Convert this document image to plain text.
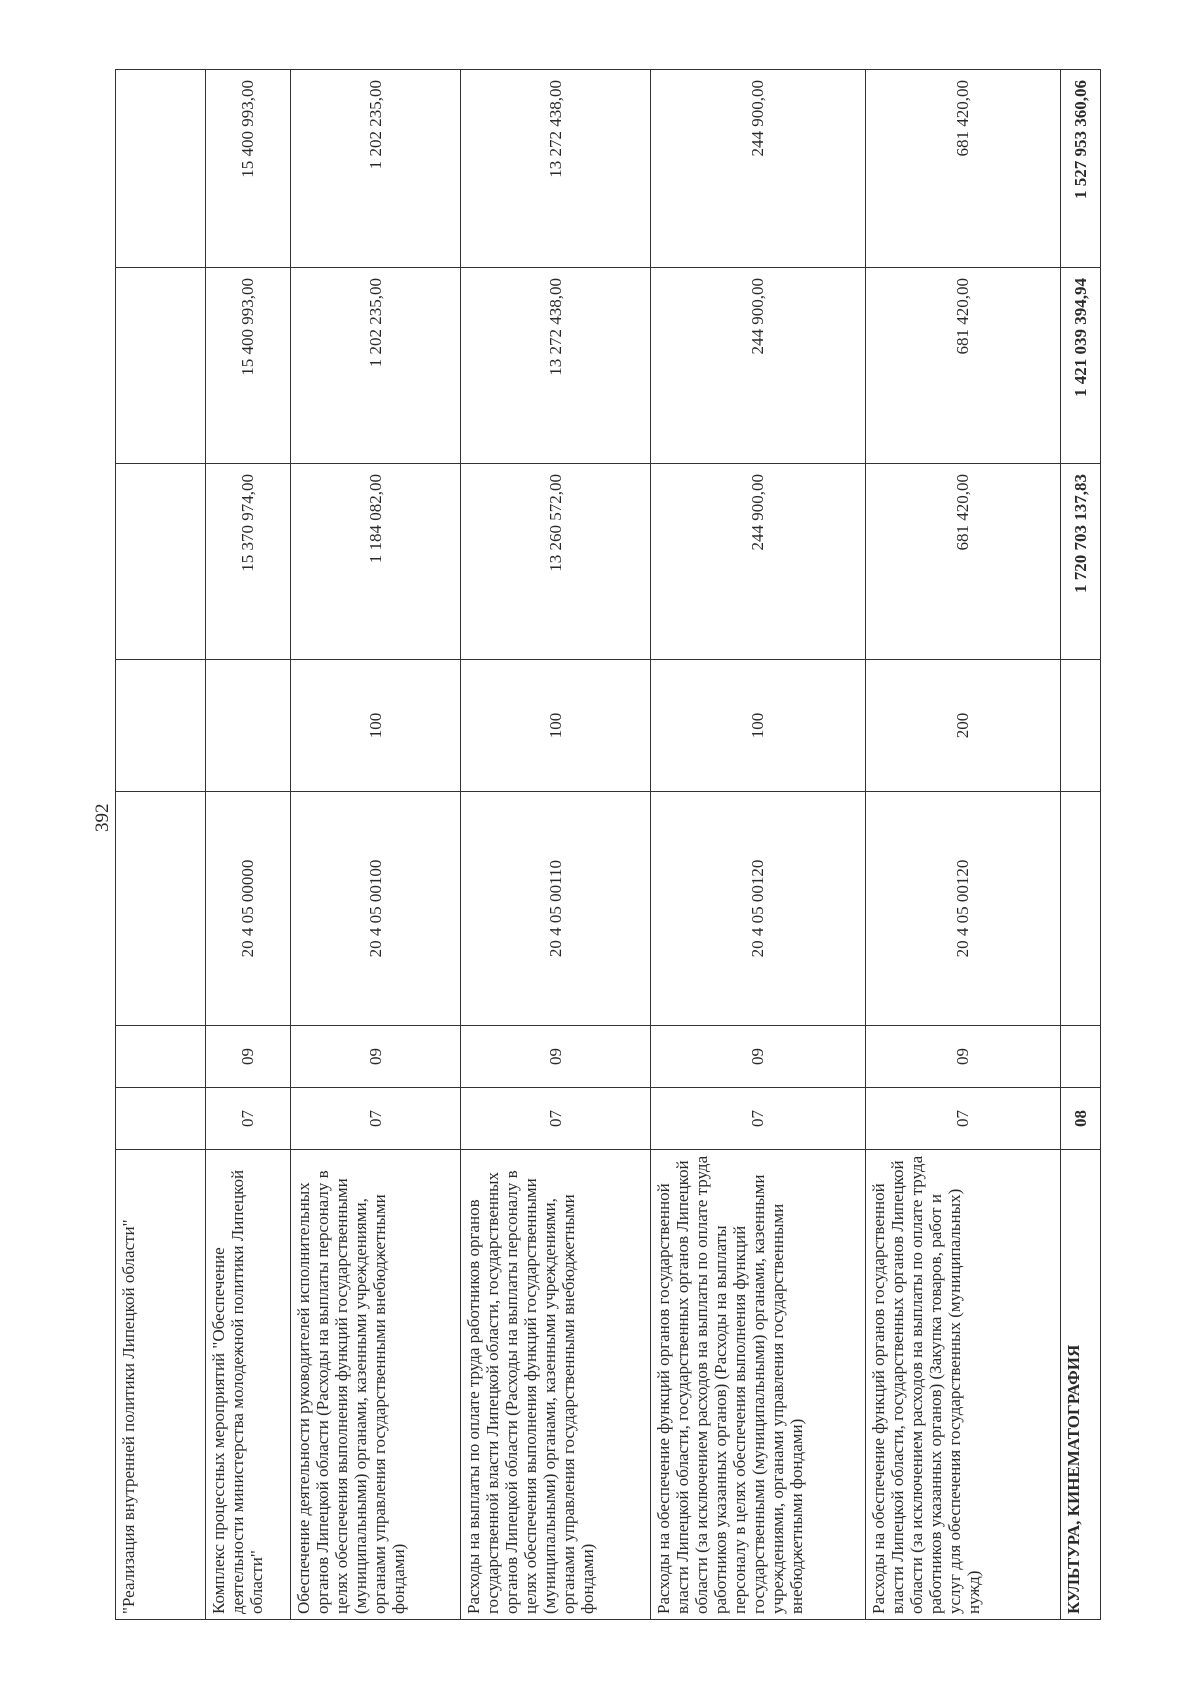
392
"Реализация внутренней политики Липецкой области"							
Комплекс процессных мероприятий "Обеспечение деятельности министерства молодежной политики Липецкой области"	07	09	20 4 05 00000		15 370 974,00	15 400 993,00	15 400 993,00
Обеспечение деятельности руководителей исполнительных органов Липецкой области (Расходы на выплаты персоналу в целях обеспечения выполнения функций государственными (муниципальными) органами, казенными учреждениями, органами управления государственными внебюджетными фондами)	07	09	20 4 05 00100	100	1 184 082,00	1 202 235,00	1 202 235,00
Расходы на выплаты по оплате труда работников органов государственной власти Липецкой области, государственных органов Липецкой области (Расходы на выплаты персоналу в целях обеспечения выполнения функций государственными (муниципальными) органами, казенными учреждениями, органами управления государственными внебюджетными фондами)	07	09	20 4 05 00110	100	13 260 572,00	13 272 438,00	13 272 438,00
Расходы на обеспечение функций органов государственной власти Липецкой области, государственных органов Липецкой области (за исключением расходов на выплаты по оплате труда работников указанных органов) (Расходы на выплаты персоналу в целях обеспечения выполнения функций государственными (муниципальными) органами, казенными учреждениями, органами управления государственными внебюджетными фондами)	07	09	20 4 05 00120	100	244 900,00	244 900,00	244 900,00
Расходы на обеспечение функций органов государственной власти Липецкой области, государственных органов Липецкой области (за исключением расходов на выплаты по оплате труда работников указанных органов) (Закупка товаров, работ и услуг для обеспечения государственных (муниципальных) нужд)	07	09	20 4 05 00120	200	681 420,00	681 420,00	681 420,00
КУЛЬТУРА, КИНЕМАТОГРАФИЯ	08				1 720 703 137,83	1 421 039 394,94	1 527 953 360,06
